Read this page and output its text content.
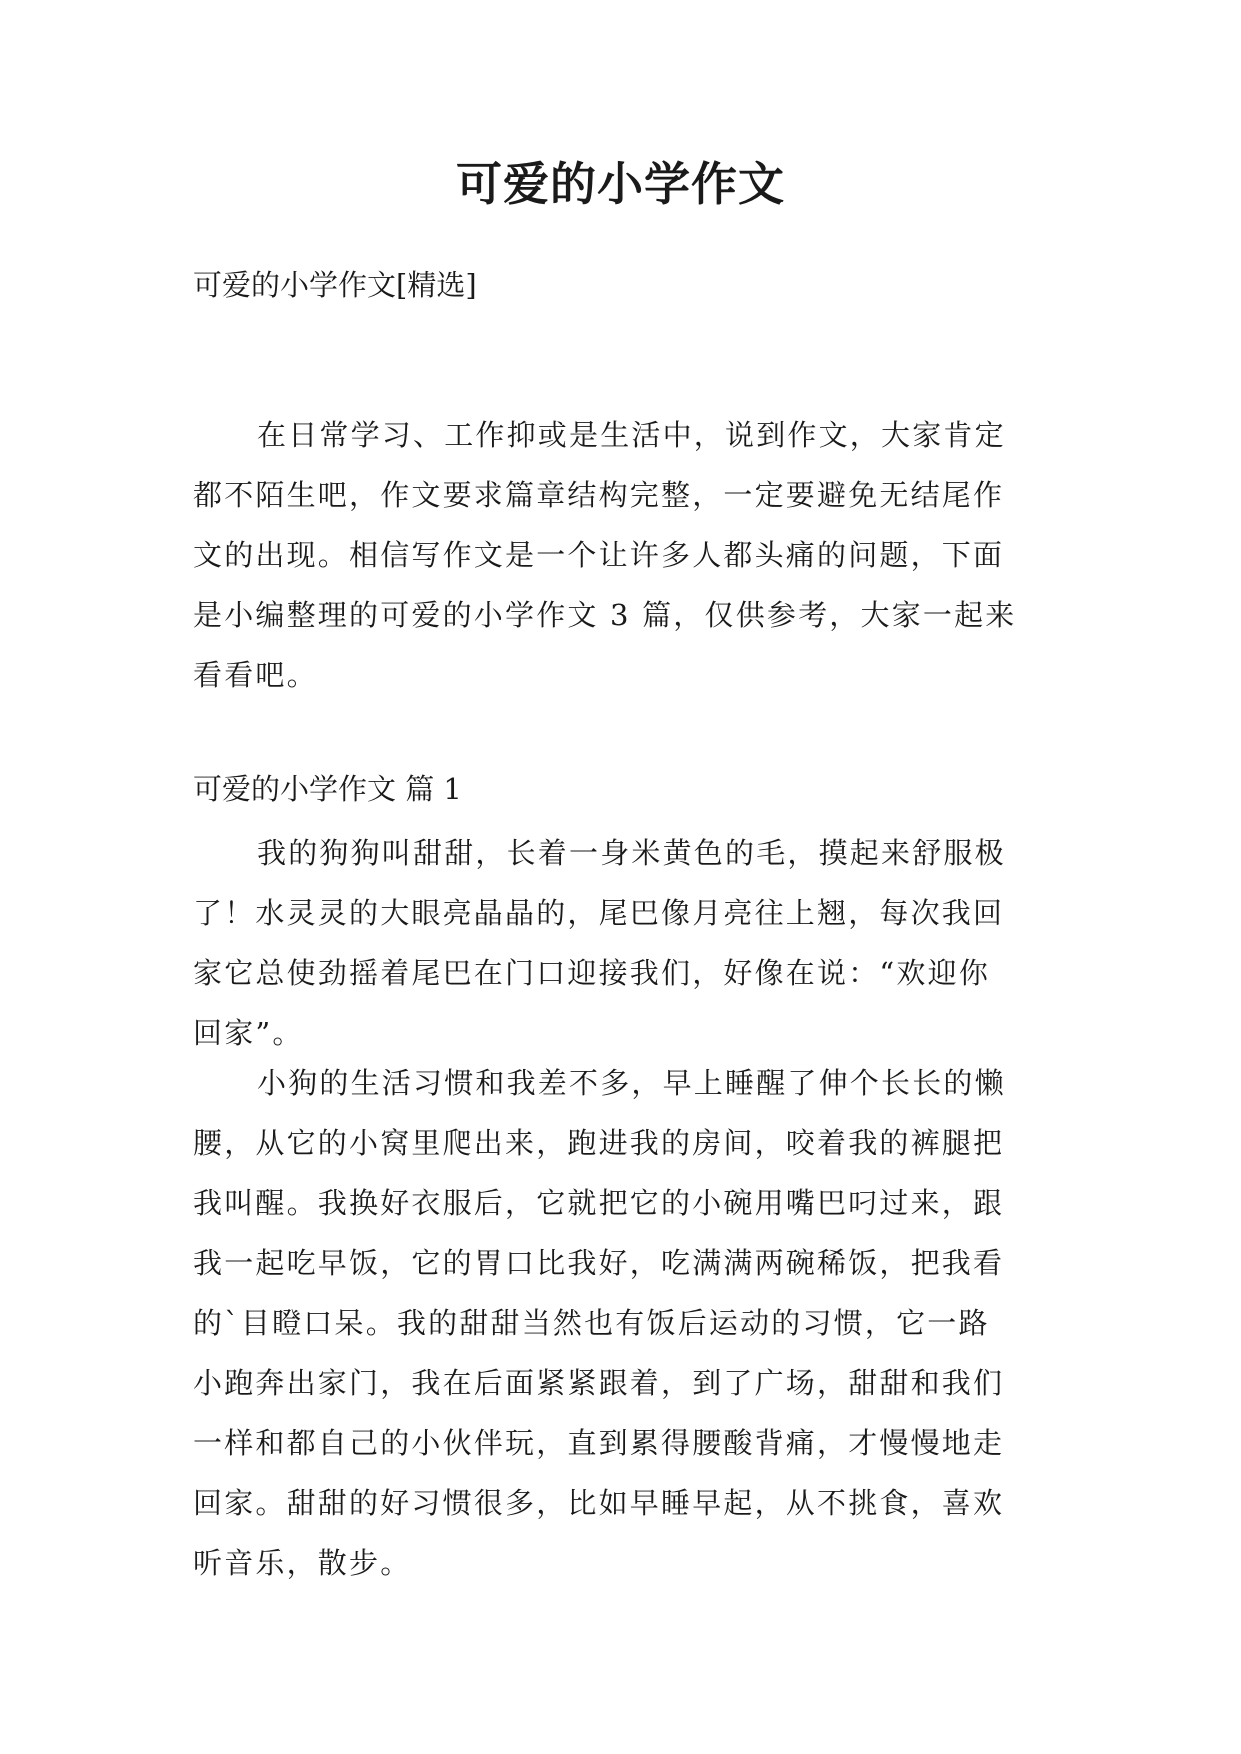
可爱的小学作文

可爱的小学作文[精选]

在日常学习、工作抑或是生活中，说到作文，大家肯定
都不陌生吧，作文要求篇章结构完整，一定要避免无结尾作
文的出现。相信写作文是一个让许多人都头痛的问题，下面
是小编整理的可爱的小学作文 3 篇，仅供参考，大家一起来
看看吧。

可爱的小学作文 篇 1

我的狗狗叫甜甜，长着一身米黄色的毛，摸起来舒服极
了！水灵灵的大眼亮晶晶的，尾巴像月亮往上翘，每次我回
家它总使劲摇着尾巴在门口迎接我们，好像在说：“欢迎你
回家”。
小狗的生活习惯和我差不多，早上睡醒了伸个长长的懒
腰，从它的小窝里爬出来，跑进我的房间，咬着我的裤腿把
我叫醒。我换好衣服后，它就把它的小碗用嘴巴叼过来，跟
我一起吃早饭，它的胃口比我好，吃满满两碗稀饭，把我看
的`目瞪口呆。我的甜甜当然也有饭后运动的习惯，它一路
小跑奔出家门，我在后面紧紧跟着，到了广场，甜甜和我们
一样和都自己的小伙伴玩，直到累得腰酸背痛，才慢慢地走
回家。甜甜的好习惯很多，比如早睡早起，从不挑食，喜欢
听音乐，散步。
